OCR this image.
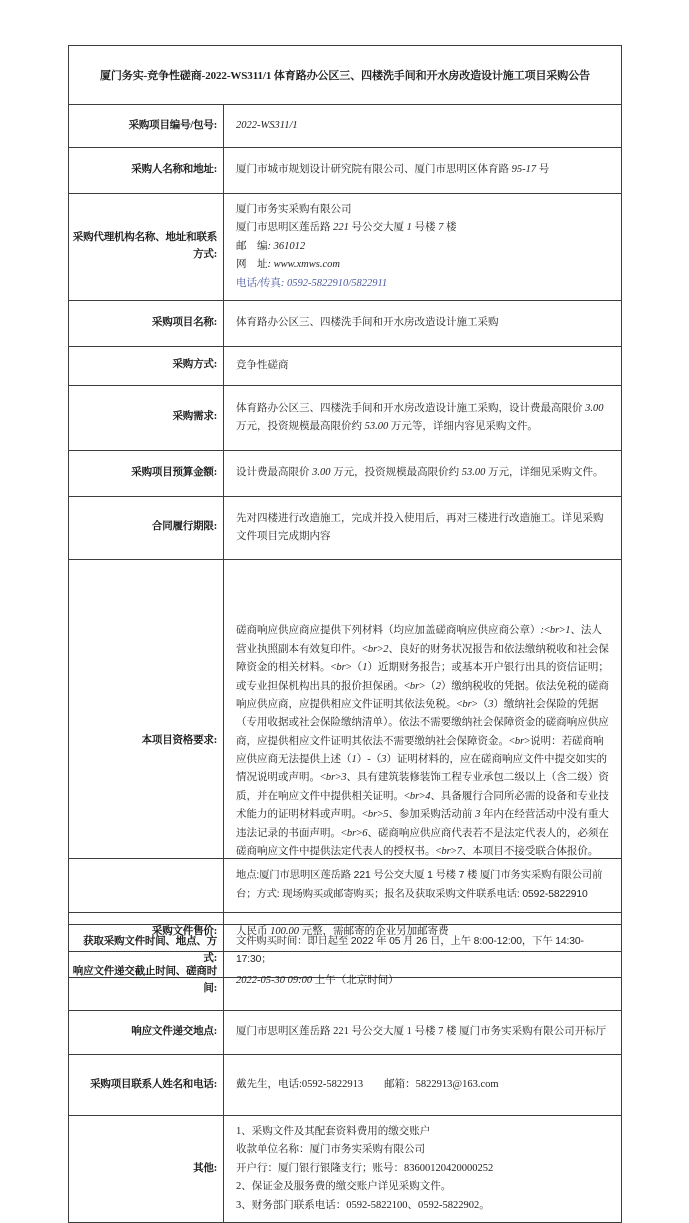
厦门务实-竞争性磋商-2022-WS311/1 体育路办公区三、四楼洗手间和开水房改造设计施工项目采购公告	
采购项目编号/包号:	2022-WS311/1
采购人名称和地址:	厦门市城市规划设计研究院有限公司、厦门市思明区体育路 95-17 号
采购代理机构名称、地址和联系方式:	厦门市务实采购有限公司
厦门市思明区莲岳路 221 号公交大厦 1 号楼 7 楼
邮　编: 361012
网　址: www.xmws.com
电话/传真: 0592-5822910/5822911

采购项目名称:	体育路办公区三、四楼洗手间和开水房改造设计施工采购
采购方式:	竞争性磋商
采购需求:	体育路办公区三、四楼洗手间和开水房改造设计施工采购，设计费最高限价 3.00 万元，投资规模最高限价约 53.00 万元等，详细内容见采购文件。
采购项目预算金额:	设计费最高限价 3.00 万元，投资规模最高限价约 53.00 万元，详细见采购文件。
合同履行期限:	先对四楼进行改造施工，完成并投入使用后，再对三楼进行改造施工。详见采购文件项目完成期内容
本项目资格要求:	磋商响应供应商应提供下列材料（均应加盖磋商响应供应商公章）:<br>1、法人营业执照副本有效复印件。<br>2、良好的财务状况报告和依法缴纳税收和社会保障资金的相关材料。<br>（1）近期财务报告；或基本开户银行出具的资信证明；或专业担保机构出具的报价担保函。<br>（2）缴纳税收的凭据。依法免税的磋商响应供应商，应提供相应文件证明其依法免税。<br>（3）缴纳社会保险的凭据（专用收据或社会保险缴纳清单）。依法不需要缴纳社会保障资金的磋商响应供应商，应提供相应文件证明其依法不需要缴纳社会保障资金。<br>说明：若磋商响应供应商无法提供上述（1）-（3）证明材料的，应在磋商响应文件中提交如实的情况说明或声明。<br>3、具有建筑装修装饰工程专业承包二级以上（含二级）资质，并在响应文件中提供相关证明。<br>4、具备履行合同所必需的设备和专业技术能力的证明材料或声明。<br>5、参加采购活动前 3 年内在经营活动中没有重大违法记录的书面声明。<br>6、磋商响应供应商代表若不是法定代表人的，必须在磋商响应文件中提供法定代表人的授权书。<br>7、本项目不接受联合体报价。
获取采购文件时间、地点、方式:	文件购买时间：即日起至 2022 年 05 月 26 日，上午 8:00-12:00，下午 14:30-17:30；
	地点:厦门市思明区莲岳路 221 号公交大厦 1 号楼 7 楼 厦门市务实采购有限公司前台；方式: 现场购买或邮寄购买；报名及获取采购文件联系电话: 0592-5822910
采购文件售价:	人民币 100.00 元整，需邮寄的企业另加邮寄费
响应文件递交截止时间、磋商时间:	2022-05-30 09:00 上午（北京时间）
响应文件递交地点:	厦门市思明区莲岳路 221 号公交大厦 1 号楼 7 楼 厦门市务实采购有限公司开标厅
采购项目联系人姓名和电话:	戴先生，电话:0592-5822913　　邮箱：5822913@163.com
其他:	1、采购文件及其配套资料费用的缴交账户
收款单位名称：厦门市务实采购有限公司
开户行：厦门银行银隆支行；账号：83600120420000252
2、保证金及服务费的缴交账户详见采购文件。
3、财务部门联系电话：0592-5822100、0592-5822902。
